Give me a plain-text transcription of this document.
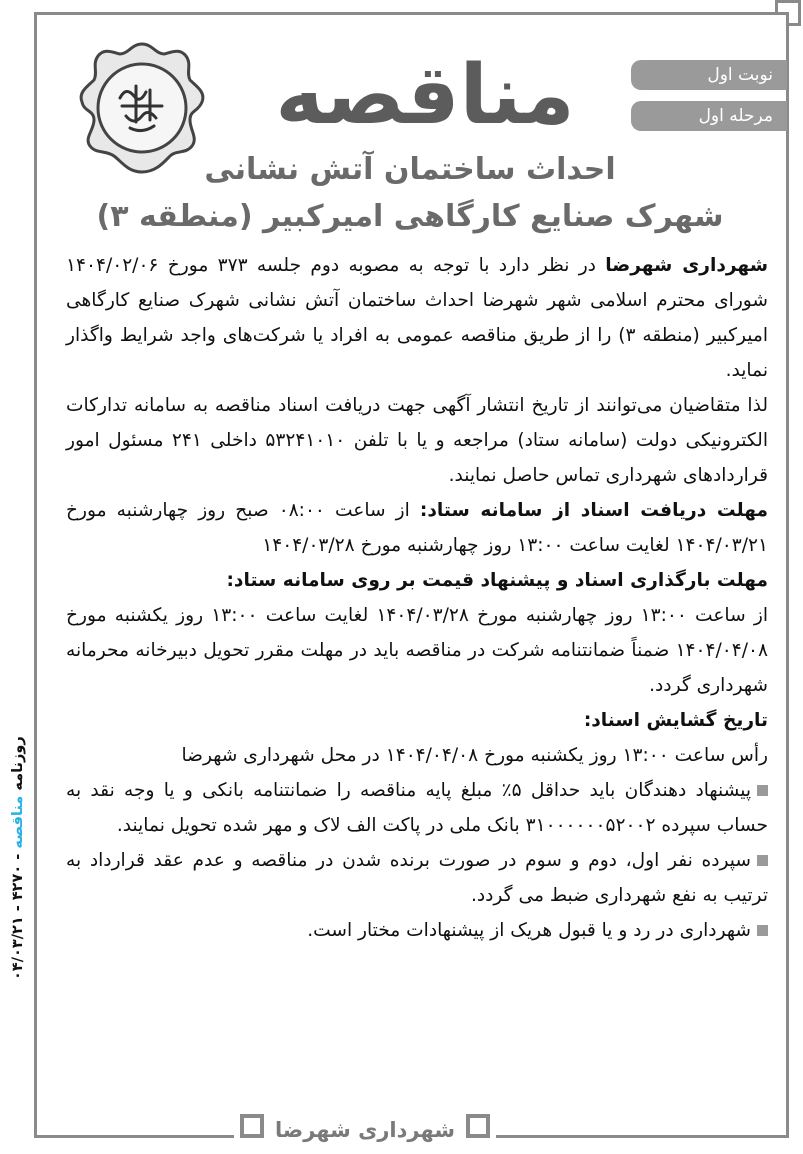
مناقصه	نوبت اول
مرحله اول
احداث ساختمان آتش نشانی
شهرک صنایع کارگاهی امیرکبیر (منطقه ۳)

شهرداری شهرضا در نظر دارد با توجه به مصوبه دوم جلسه ۳۷۳ مورخ ۱۴۰۴/۰۲/۰۶ شورای محترم اسلامی شهر شهرضا احداث ساختمان آتش نشانی شهرک صنایع کارگاهی امیرکبیر (منطقه ۳) را از طریق مناقصه عمومی به افراد یا شرکت‌های واجد شرایط واگذار نماید.

لذا متقاضیان می‌توانند از تاریخ انتشار آگهی جهت دریافت اسناد مناقصه به سامانه تدارکات الکترونیکی دولت (سامانه ستاد) مراجعه و یا با تلفن ۵۳۲۴۱۰۱۰ داخلی ۲۴۱ مسئول امور قراردادهای شهرداری تماس حاصل نمایند.

مهلت دریافت اسناد از سامانه ستاد: از ساعت ۰۸:۰۰ صبح روز چهارشنبه مورخ ۱۴۰۴/۰۳/۲۱ لغایت ساعت ۱۳:۰۰ روز چهارشنبه مورخ ۱۴۰۴/۰۳/۲۸

مهلت بارگذاری اسناد و پیشنهاد قیمت بر روی سامانه ستاد:

از ساعت ۱۳:۰۰ روز چهارشنبه مورخ ۱۴۰۴/۰۳/۲۸ لغایت ساعت ۱۳:۰۰ روز یکشنبه مورخ ۱۴۰۴/۰۴/۰۸ ضمناً ضمانتنامه شرکت در مناقصه باید در مهلت مقرر تحویل دبیرخانه محرمانه شهرداری گردد.

تاریخ گشایش اسناد:

رأس ساعت ۱۳:۰۰ روز یکشنبه مورخ ۱۴۰۴/۰۴/۰۸ در محل شهرداری شهرضا

پیشنهاد دهندگان باید حداقل ۵٪ مبلغ پایه مناقصه را ضمانتنامه بانکی و یا وجه نقد به حساب سپرده ۳۱۰۰۰۰۰۰۵۲۰۰۲ بانک ملی در پاکت الف لاک و مهر شده تحویل نمایند.

سپرده نفر اول، دوم و سوم در صورت برنده شدن در مناقصه و عدم عقد قرارداد به ترتیب به نفع شهرداری ضبط می گردد.

شهرداری در رد و یا قبول هریک از پیشنهادات مختار است.

روزنامه مناقصه - ۴۲۷۰ - ۰۴/۰۳/۲۱
شهرداری شهرضا
